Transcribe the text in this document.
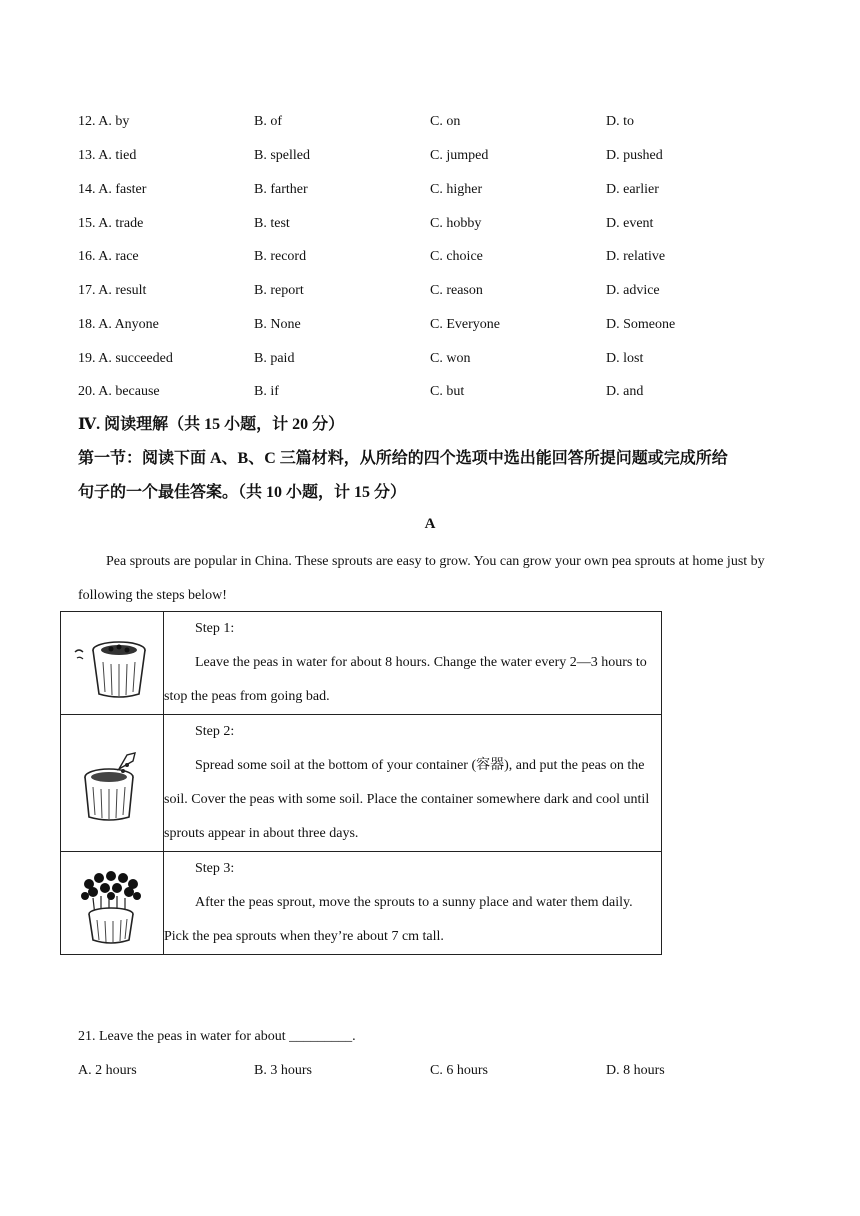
12. A. by	B. of	C. on	D. to
13. A. tied	B. spelled	C. jumped	D. pushed
14. A. faster	B. farther	C. higher	D. earlier
15. A. trade	B. test	C. hobby	D. event
16. A. race	B. record	C. choice	D. relative
17. A. result	B. report	C. reason	D. advice
18. A. Anyone	B. None	C. Everyone	D. Someone
19. A. succeeded	B. paid	C. won	D. lost
20. A. because	B. if	C. but	D. and
Ⅳ. 阅读理解（共 15 小题，计 20 分）
第一节：阅读下面 A、B、C 三篇材料，从所给的四个选项中选出能回答所提问题或完成所给
句子的一个最佳答案。（共 10 小题，计 15 分）
A

Pea sprouts are popular in China. These sprouts are easy to grow. You can grow your own pea sprouts at home just by following the steps below!

Step 1:
Leave the peas in water for about 8 hours. Change the water every 2—3 hours to stop the peas from going bad.

Step 2:
Spread some soil at the bottom of your container (容器), and put the peas on the soil. Cover the peas with some soil. Place the container somewhere dark and cool until sprouts appear in about three days.

Step 3:
After the peas sprout, move the sprouts to a sunny place and water them daily. Pick the pea sprouts when they’re about 7 cm tall.
21. Leave the peas in water for about _________.
A. 2 hours	B. 3 hours	C. 6 hours	D. 8 hours
